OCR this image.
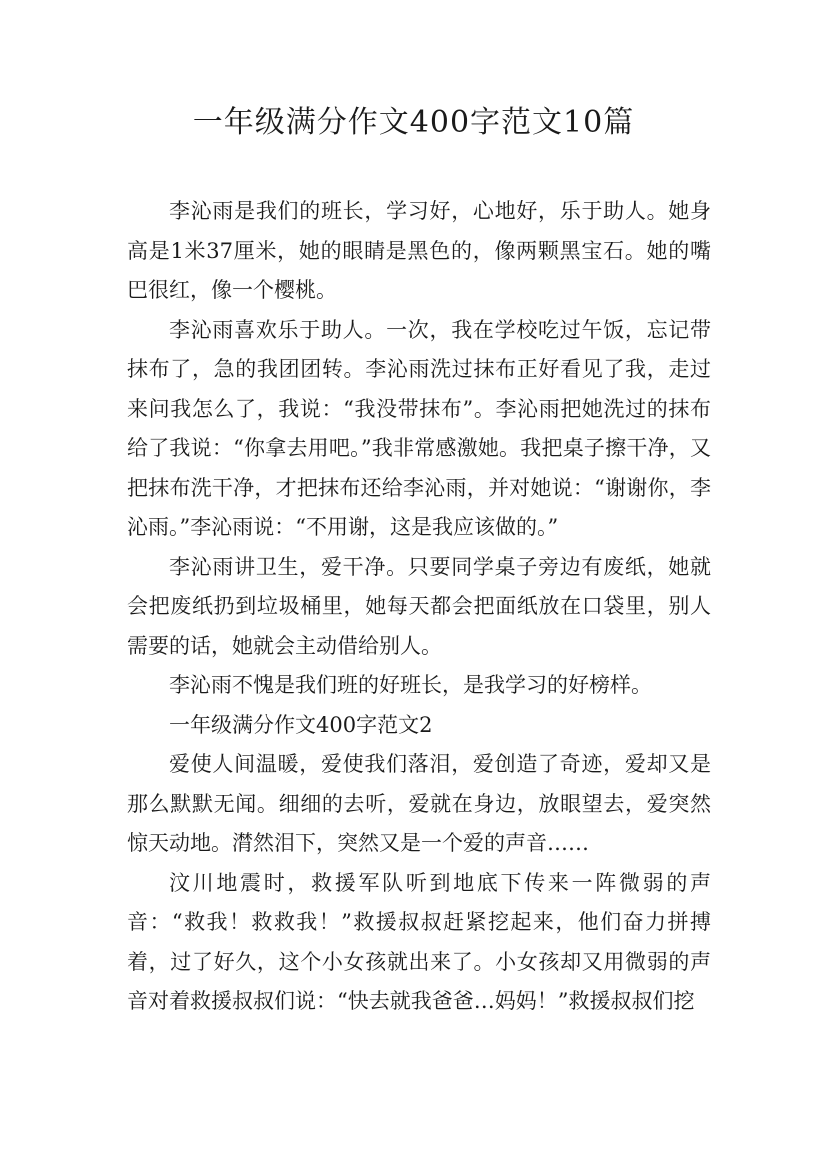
一年级满分作文400字范文10篇

李沁雨是我们的班长，学习好，心地好，乐于助人。她身高是1米37厘米，她的眼睛是黑色的，像两颗黑宝石。她的嘴巴很红，像一个樱桃。

李沁雨喜欢乐于助人。一次，我在学校吃过午饭，忘记带抹布了，急的我团团转。李沁雨洗过抹布正好看见了我，走过来问我怎么了，我说：“我没带抹布”。李沁雨把她洗过的抹布给了我说：“你拿去用吧。”我非常感激她。我把桌子擦干净，又把抹布洗干净，才把抹布还给李沁雨，并对她说：“谢谢你，李沁雨。”李沁雨说：“不用谢，这是我应该做的。”

李沁雨讲卫生，爱干净。只要同学桌子旁边有废纸，她就会把废纸扔到垃圾桶里，她每天都会把面纸放在口袋里，别人需要的话，她就会主动借给别人。

李沁雨不愧是我们班的好班长，是我学习的好榜样。

一年级满分作文400字范文2

爱使人间温暖，爱使我们落泪，爱创造了奇迹，爱却又是那么默默无闻。细细的去听，爱就在身边，放眼望去，爱突然惊天动地。潸然泪下，突然又是一个爱的声音……

汶川地震时，救援军队听到地底下传来一阵微弱的声音：“救我！救救我！”救援叔叔赶紧挖起来，他们奋力拼搏着，过了好久，这个小女孩就出来了。小女孩却又用微弱的声音对着救援叔叔们说：“快去就我爸爸…妈妈！”救援叔叔们挖
